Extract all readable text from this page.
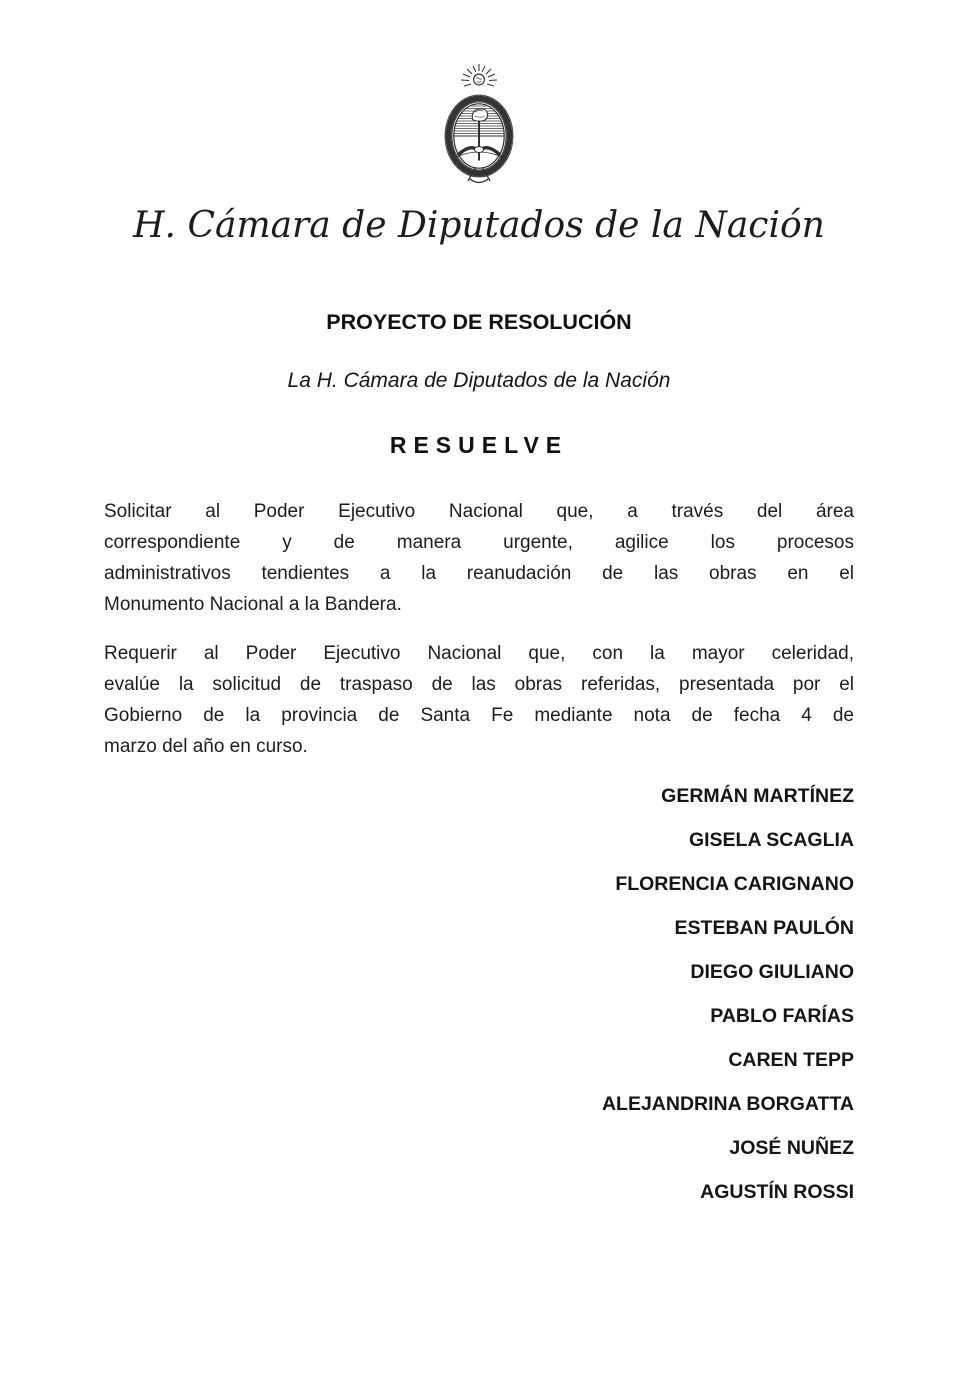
H. Cámara de Diputados de la Nación
PROYECTO DE RESOLUCIÓN
La H. Cámara de Diputados de la Nación
RESUELVE
Solicitar al Poder Ejecutivo Nacional que, a través del área
correspondiente y de manera urgente, agilice los procesos
administrativos tendientes a la reanudación de las obras en el
Monumento Nacional a la Bandera.
Requerir al Poder Ejecutivo Nacional que, con la mayor celeridad,
evalúe la solicitud de traspaso de las obras referidas, presentada por el
Gobierno de la provincia de Santa Fe mediante nota de fecha 4 de
marzo del año en curso.
GERMÁN MARTÍNEZ
GISELA SCAGLIA
FLORENCIA CARIGNANO
ESTEBAN PAULÓN
DIEGO GIULIANO
PABLO FARÍAS
CAREN TEPP
ALEJANDRINA BORGATTA
JOSÉ NUÑEZ
AGUSTÍN ROSSI
